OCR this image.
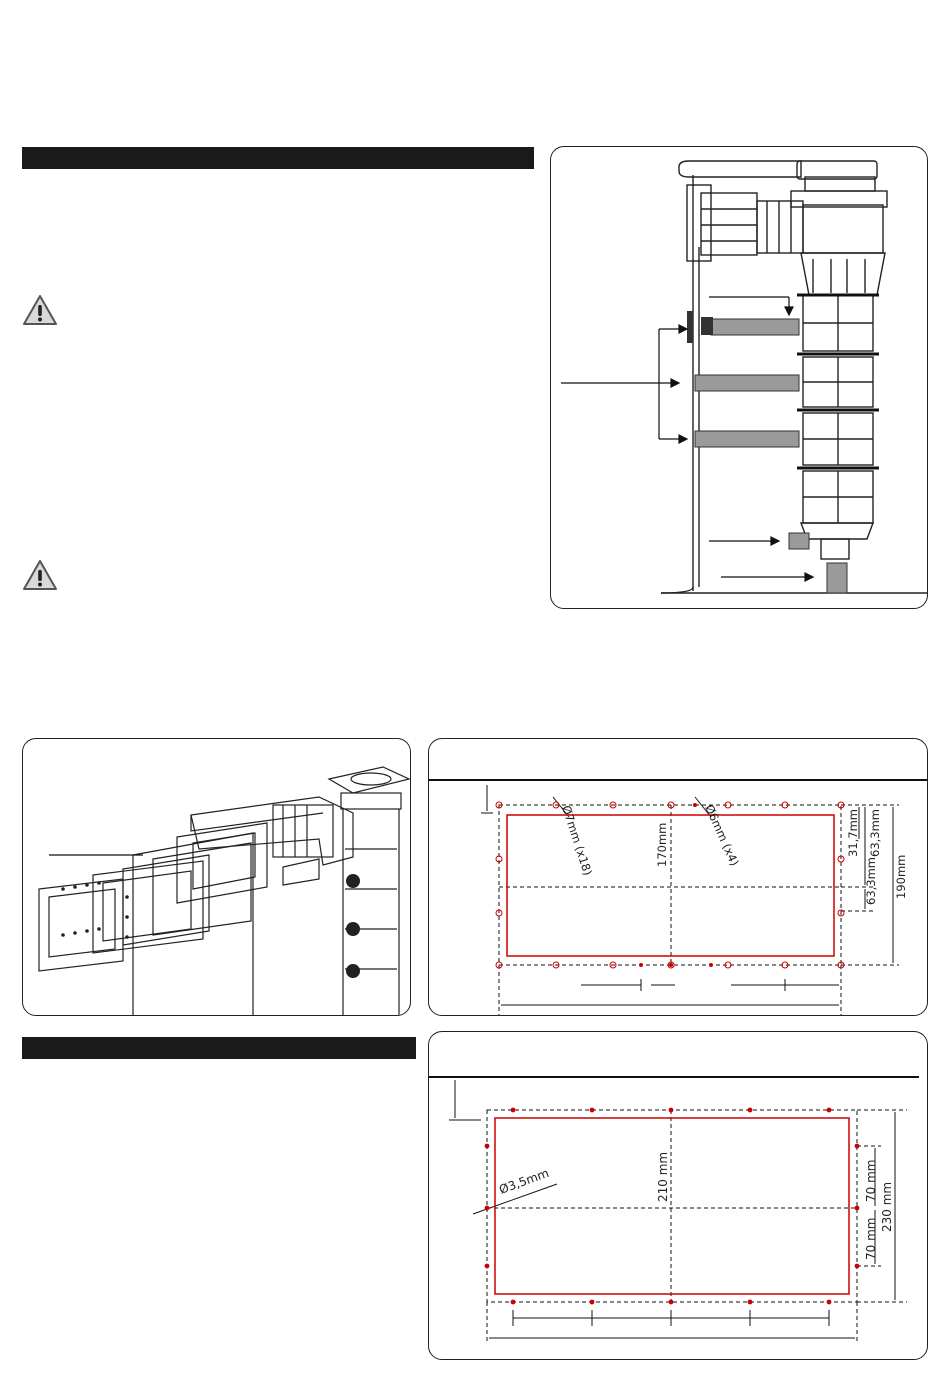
Ø7mm (x18)	Ø6mm (x4)
170mm	31,7mm 63,3mm
63,3mm 190mm
Ø3,5mm	210 mm	70 mm
70 mm
230 mm
